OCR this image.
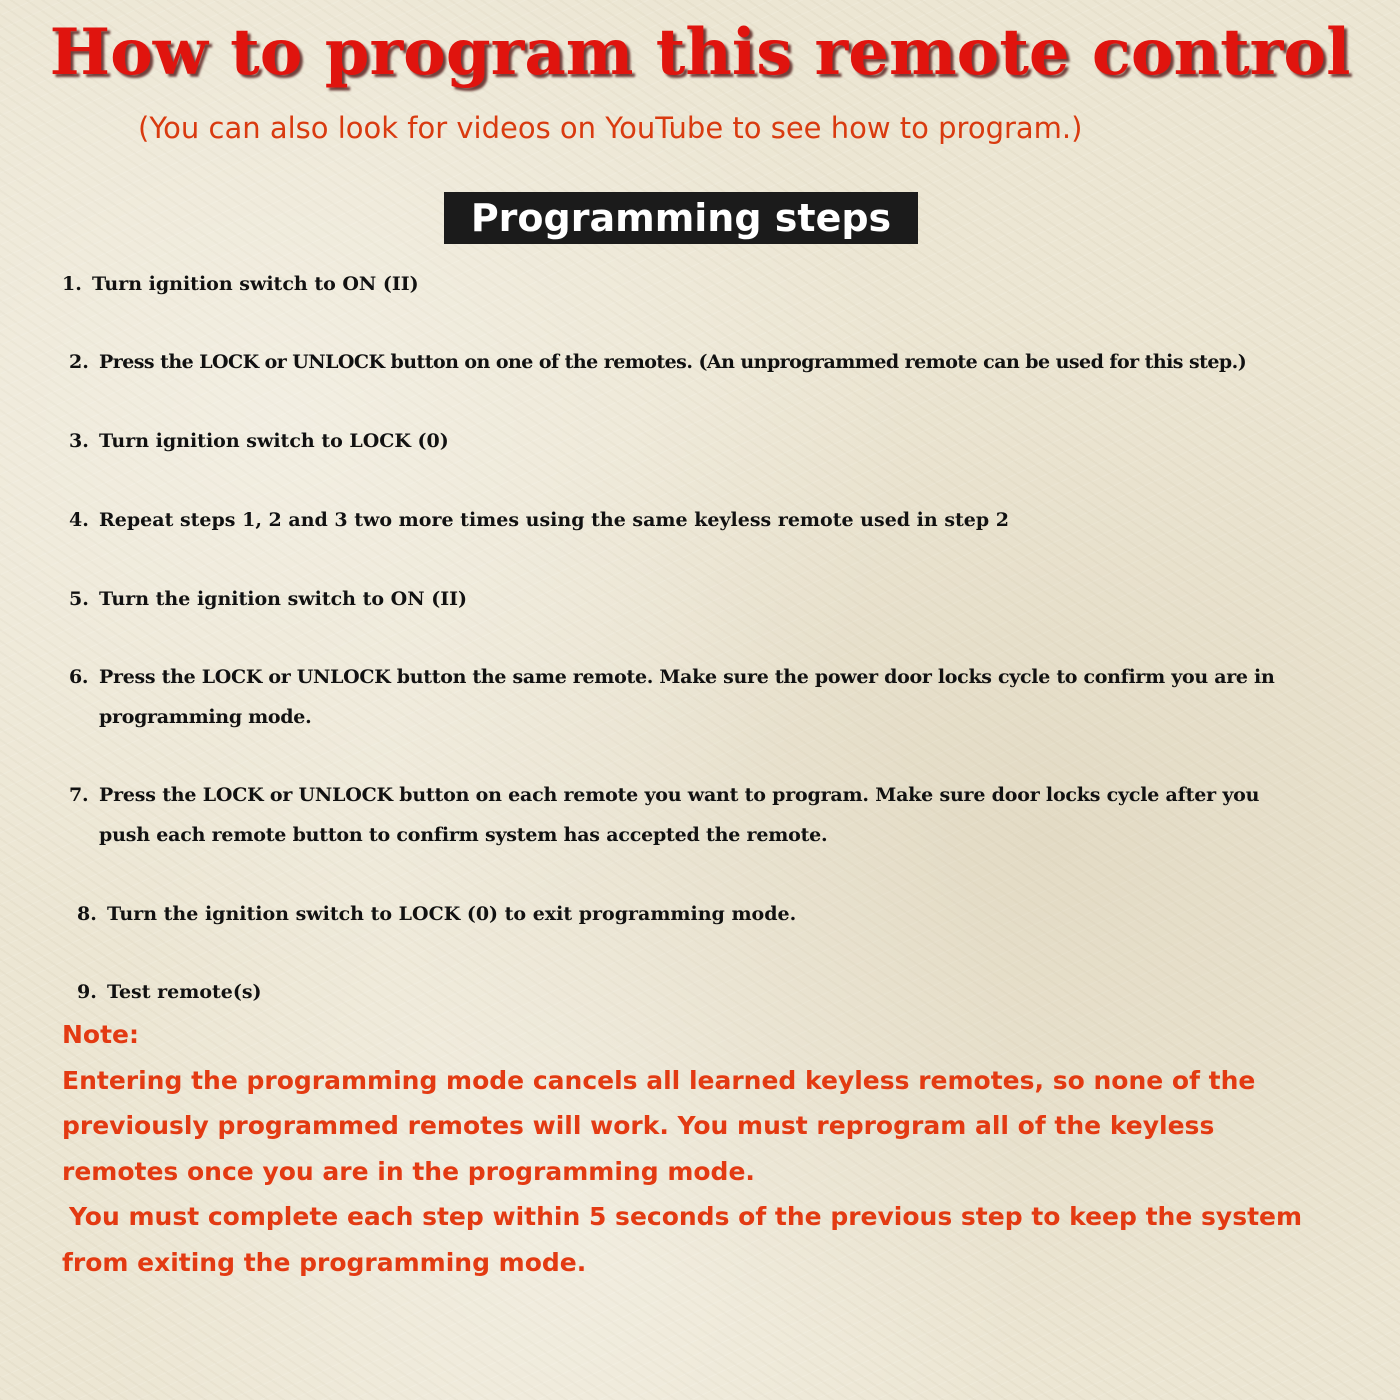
How to program this remote control

(You can also look for videos on YouTube to see how to program.)

Programming steps
1. Turn ignition switch to ON (II)
2. Press the LOCK or UNLOCK button on one of the remotes. (An unprogrammed remote can be used for this step.)
3. Turn ignition switch to LOCK (0)
4. Repeat steps 1, 2 and 3 two more times using the same keyless remote used in step 2
5. Turn the ignition switch to ON (II)
6. Press the LOCK or UNLOCK button the same remote. Make sure the power door locks cycle to confirm you are in
programming mode.
7. Press the LOCK or UNLOCK button on each remote you want to program. Make sure door locks cycle after you
push each remote button to confirm system has accepted the remote.
8. Turn the ignition switch to LOCK (0) to exit programming mode.
9. Test remote(s)

Note:

Entering the programming mode cancels all learned keyless remotes, so none of the

previously programmed remotes will work. You must reprogram all of the keyless

remotes once you are in the programming mode.

You must complete each step within 5 seconds of the previous step to keep the system

from exiting the programming mode.
